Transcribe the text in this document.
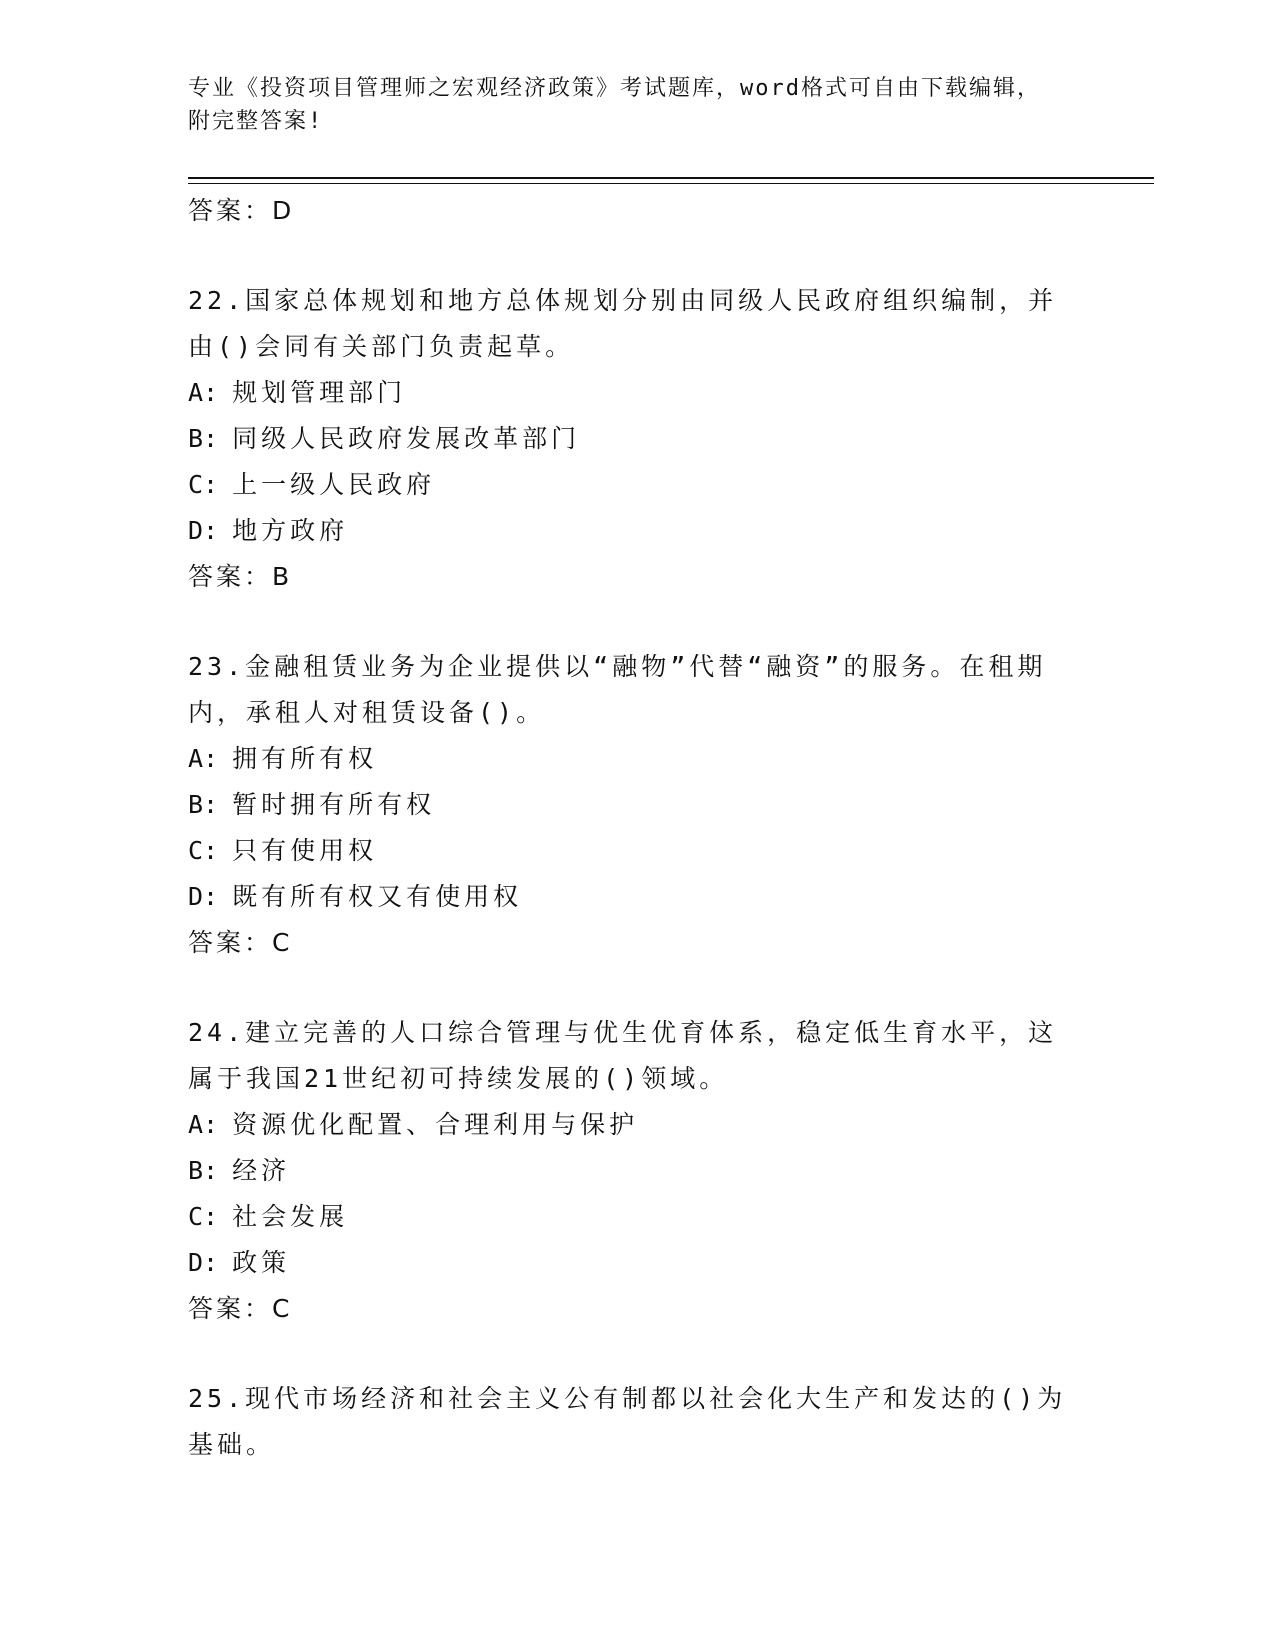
专业《投资项目管理师之宏观经济政策》考试题库，word格式可自由下载编辑，
附完整答案!
答案：D
22.国家总体规划和地方总体规划分别由同级人民政府组织编制，并由()会同有关部门负责起草。
A: 规划管理部门
B: 同级人民政府发展改革部门
C: 上一级人民政府
D: 地方政府
答案：B
23.金融租赁业务为企业提供以“融物”代替“融资”的服务。在租期内，承租人对租赁设备()。
A: 拥有所有权
B: 暂时拥有所有权
C: 只有使用权
D: 既有所有权又有使用权
答案：C
24.建立完善的人口综合管理与优生优育体系，稳定低生育水平，这属于我国21世纪初可持续发展的()领域。
A: 资源优化配置、合理利用与保护
B: 经济
C: 社会发展
D: 政策
答案：C
25.现代市场经济和社会主义公有制都以社会化大生产和发达的()为基础。
